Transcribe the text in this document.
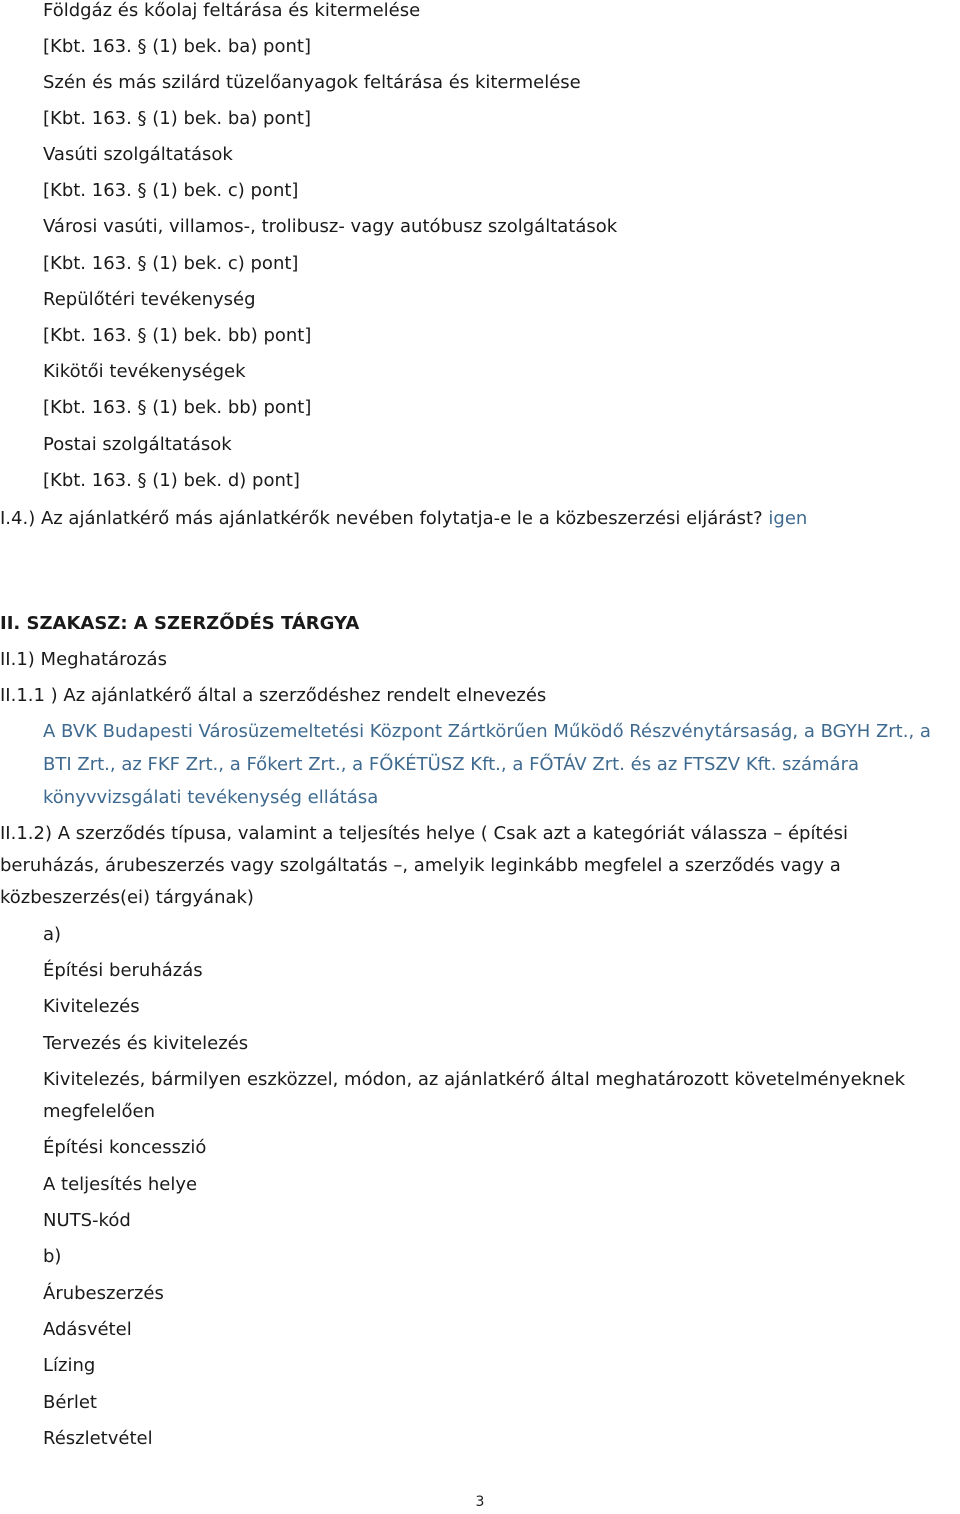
Földgáz és kőolaj feltárása és kitermelése
[Kbt. 163. § (1) bek. ba) pont]
Szén és más szilárd tüzelőanyagok feltárása és kitermelése
[Kbt. 163. § (1) bek. ba) pont]
Vasúti szolgáltatások
[Kbt. 163. § (1) bek. c) pont]
Városi vasúti, villamos-, trolibusz- vagy autóbusz szolgáltatások
[Kbt. 163. § (1) bek. c) pont]
Repülőtéri tevékenység
[Kbt. 163. § (1) bek. bb) pont]
Kikötői tevékenységek
[Kbt. 163. § (1) bek. bb) pont]
Postai szolgáltatások
[Kbt. 163. § (1) bek. d) pont]
I.4.) Az ajánlatkérő más ajánlatkérők nevében folytatja-e le a közbeszerzési eljárást? igen
II. SZAKASZ: A SZERZŐDÉS TÁRGYA
II.1) Meghatározás
II.1.1 ) Az ajánlatkérő által a szerződéshez rendelt elnevezés
A BVK Budapesti Városüzemeltetési Központ Zártkörűen Működő Részvénytársaság, a BGYH Zrt., a
BTI Zrt., az FKF Zrt., a Főkert Zrt., a FŐKÉTÜSZ Kft., a FŐTÁV Zrt. és az FTSZV Kft. számára
könyvvizsgálati tevékenység ellátása
II.1.2) A szerződés típusa, valamint a teljesítés helye ( Csak azt a kategóriát válassza – építési
beruházás, árubeszerzés vagy szolgáltatás –, amelyik leginkább megfelel a szerződés vagy a
közbeszerzés(ei) tárgyának)
a)
Építési beruházás
Kivitelezés
Tervezés és kivitelezés
Kivitelezés, bármilyen eszközzel, módon, az ajánlatkérő által meghatározott követelményeknek
megfelelően
Építési koncesszió
A teljesítés helye
NUTS-kód
b)
Árubeszerzés
Adásvétel
Lízing
Bérlet
Részletvétel
3
